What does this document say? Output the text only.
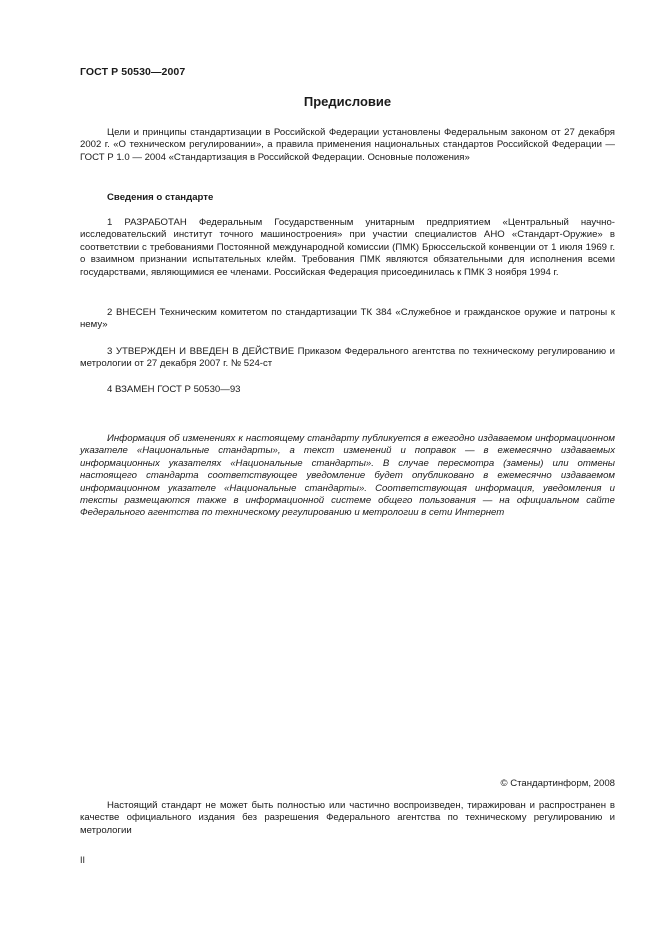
ГОСТ Р 50530—2007
Предисловие

Цели и принципы стандартизации в Российской Федерации установлены Федеральным законом от 27 декабря 2002 г. «О техническом регулировании», а правила применения национальных стандартов Российской Федерации — ГОСТ Р 1.0 — 2004 «Стандартизация в Российской Федерации. Основные положения»

Сведения о стандарте

1 РАЗРАБОТАН Федеральным Государственным унитарным предприятием «Центральный научно-исследовательский институт точного машиностроения» при участии специалистов АНО «Стандарт-Оружие» в соответствии с требованиями Постоянной международной комиссии (ПМК) Брюссельской конвенции от 1 июля 1969 г. о взаимном признании испытательных клейм. Требования ПМК являются обязательными для исполнения всеми государствами, являющимися ее членами. Российская Федерация присоединилась к ПМК 3 ноября 1994 г.

2 ВНЕСЕН Техническим комитетом по стандартизации ТК 384 «Служебное и гражданское оружие и патроны к нему»

3 УТВЕРЖДЕН И ВВЕДЕН В ДЕЙСТВИЕ Приказом Федерального агентства по техническому регулированию и метрологии от 27 декабря 2007 г. № 524-ст

4 ВЗАМЕН ГОСТ Р 50530—93

Информация об изменениях к настоящему стандарту публикуется в ежегодно издаваемом информационном указателе «Национальные стандарты», а текст изменений и поправок — в ежемесячно издаваемых информационных указателях «Национальные стандарты». В случае пересмотра (замены) или отмены настоящего стандарта соответствующее уведомление будет опубликовано в ежемесячно издаваемом информационном указателе «Национальные стандарты». Соответствующая информация, уведомления и тексты размещаются также в информационной системе общего пользования — на официальном сайте Федерального агентства по техническому регулированию и метрологии в сети Интернет

© Стандартинформ, 2008

Настоящий стандарт не может быть полностью или частично воспроизведен, тиражирован и распространен в качестве официального издания без разрешения Федерального агентства по техническому регулированию и метрологии

II
